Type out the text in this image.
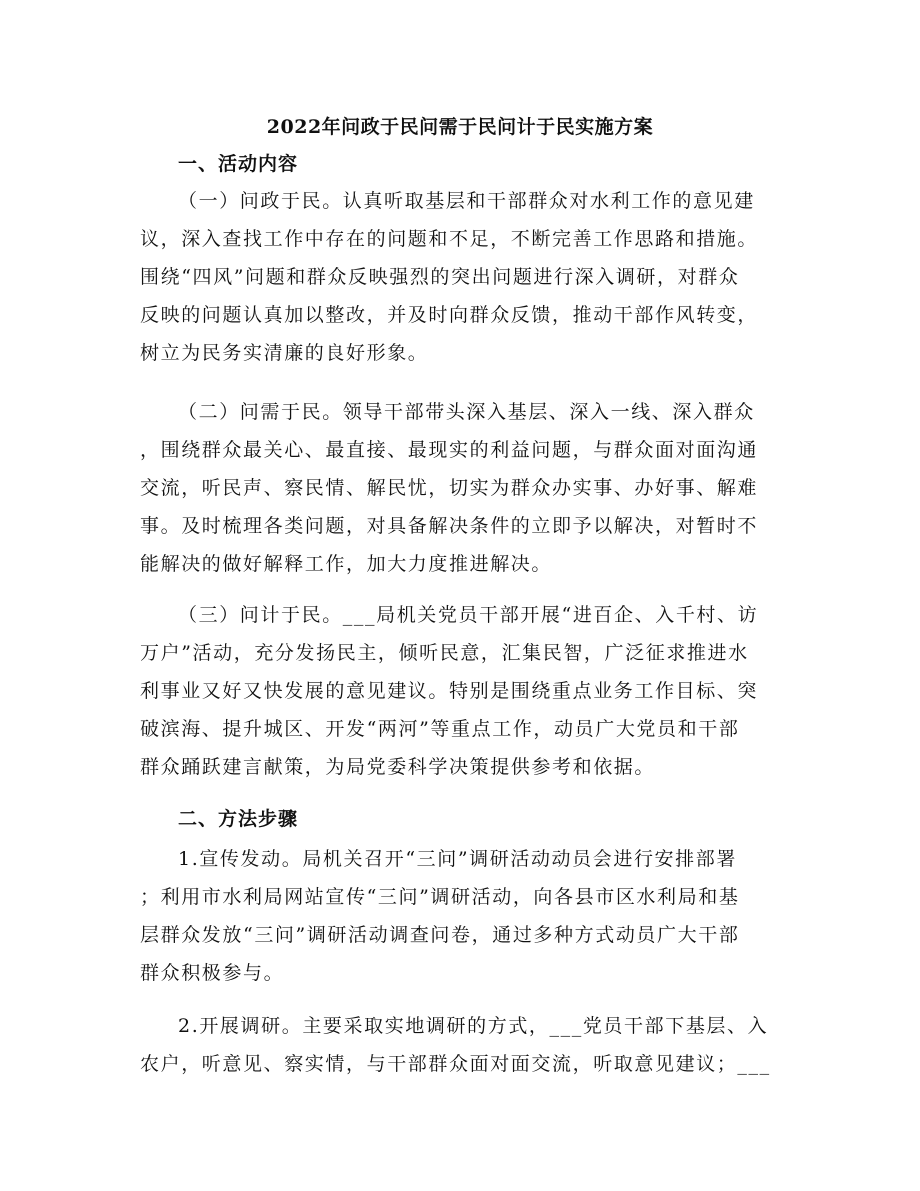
2022年问政于民问需于民问计于民实施方案
一、活动内容
（一）问政于民。认真听取基层和干部群众对水利工作的意见建
议，深入查找工作中存在的问题和不足，不断完善工作思路和措施。
围绕“四风”问题和群众反映强烈的突出问题进行深入调研，对群众
反映的问题认真加以整改，并及时向群众反馈，推动干部作风转变，
树立为民务实清廉的良好形象。
（二）问需于民。领导干部带头深入基层、深入一线、深入群众
，围绕群众最关心、最直接、最现实的利益问题，与群众面对面沟通
交流，听民声、察民情、解民忧，切实为群众办实事、办好事、解难
事。及时梳理各类问题，对具备解决条件的立即予以解决，对暂时不
能解决的做好解释工作，加大力度推进解决。
（三）问计于民。___局机关党员干部开展“进百企、入千村、访
万户”活动，充分发扬民主，倾听民意，汇集民智，广泛征求推进水
利事业又好又快发展的意见建议。特别是围绕重点业务工作目标、突
破滨海、提升城区、开发“两河”等重点工作，动员广大党员和干部
群众踊跃建言献策，为局党委科学决策提供参考和依据。
二、方法步骤
1.宣传发动。局机关召开“三问”调研活动动员会进行安排部署
；利用市水利局网站宣传“三问”调研活动，向各县市区水利局和基
层群众发放“三问”调研活动调查问卷，通过多种方式动员广大干部
群众积极参与。
2.开展调研。主要采取实地调研的方式，___党员干部下基层、入
农户，听意见、察实情，与干部群众面对面交流，听取意见建议；___
